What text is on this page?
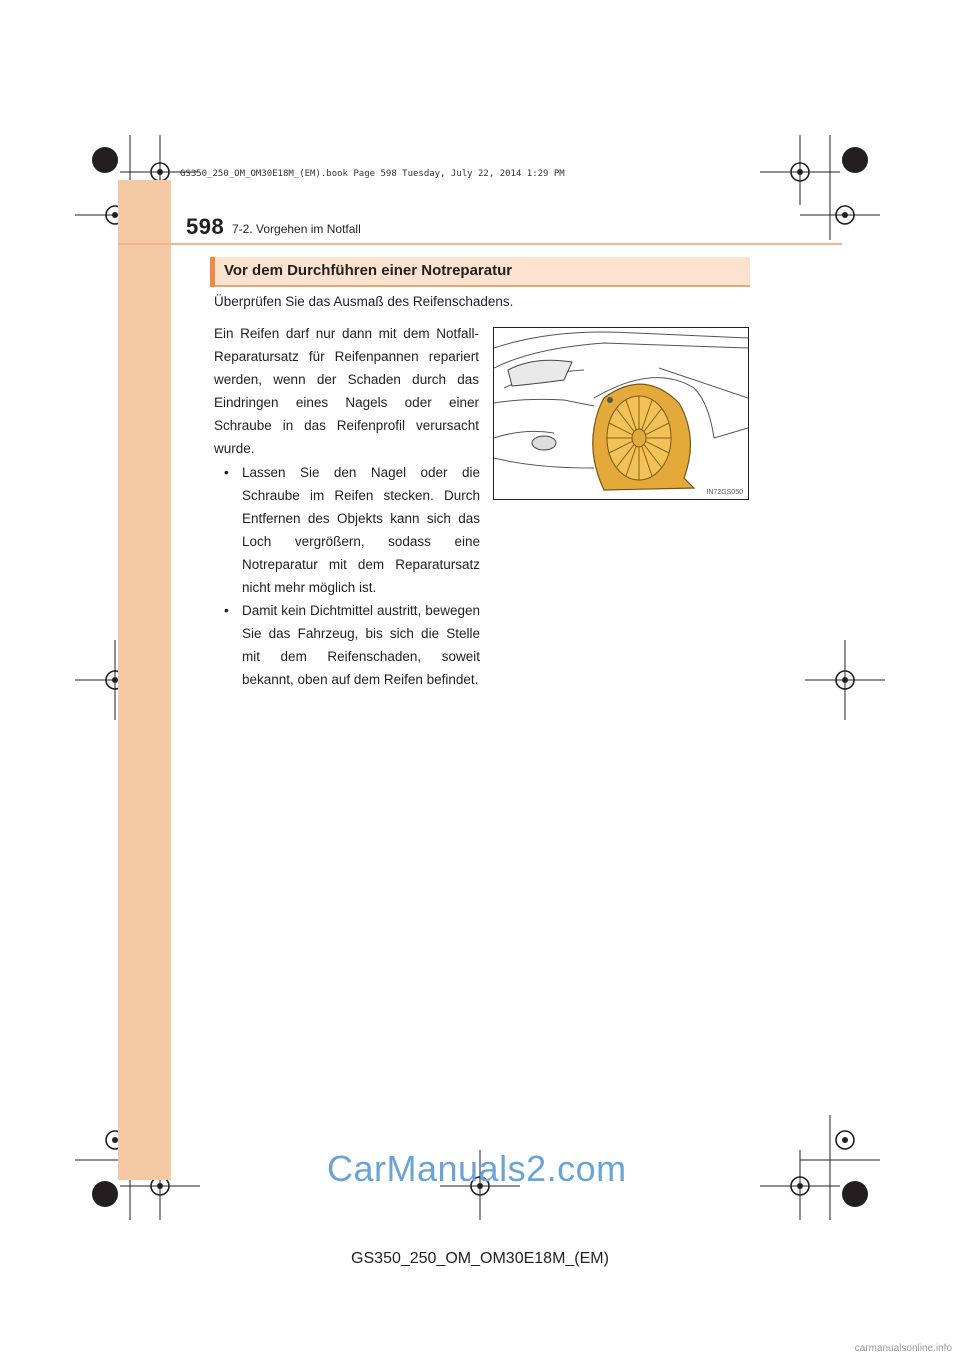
GS350_250_OM_OM30E18M_(EM).book Page 598 Tuesday, July 22, 2014 1:29 PM
598 7-2. Vorgehen im Notfall
Vor dem Durchführen einer Notreparatur
Überprüfen Sie das Ausmaß des Reifenschadens.
Ein Reifen darf nur dann mit dem Notfall-Reparatursatz für Reifenpannen repariert werden, wenn der Schaden durch das Eindringen eines Nagels oder einer Schraube in das Reifenprofil verursacht wurde.
• Lassen Sie den Nagel oder die Schraube im Reifen stecken. Durch Entfernen des Objekts kann sich das Loch vergrößern, sodass eine Notreparatur mit dem Reparatursatz nicht mehr möglich ist.
• Damit kein Dichtmittel austritt, bewegen Sie das Fahrzeug, bis sich die Stelle mit dem Reifenschaden, soweit bekannt, oben auf dem Reifen befindet.
IN72GS050
CarManuals2.com
GS350_250_OM_OM30E18M_(EM)
carmanualsonline.info
